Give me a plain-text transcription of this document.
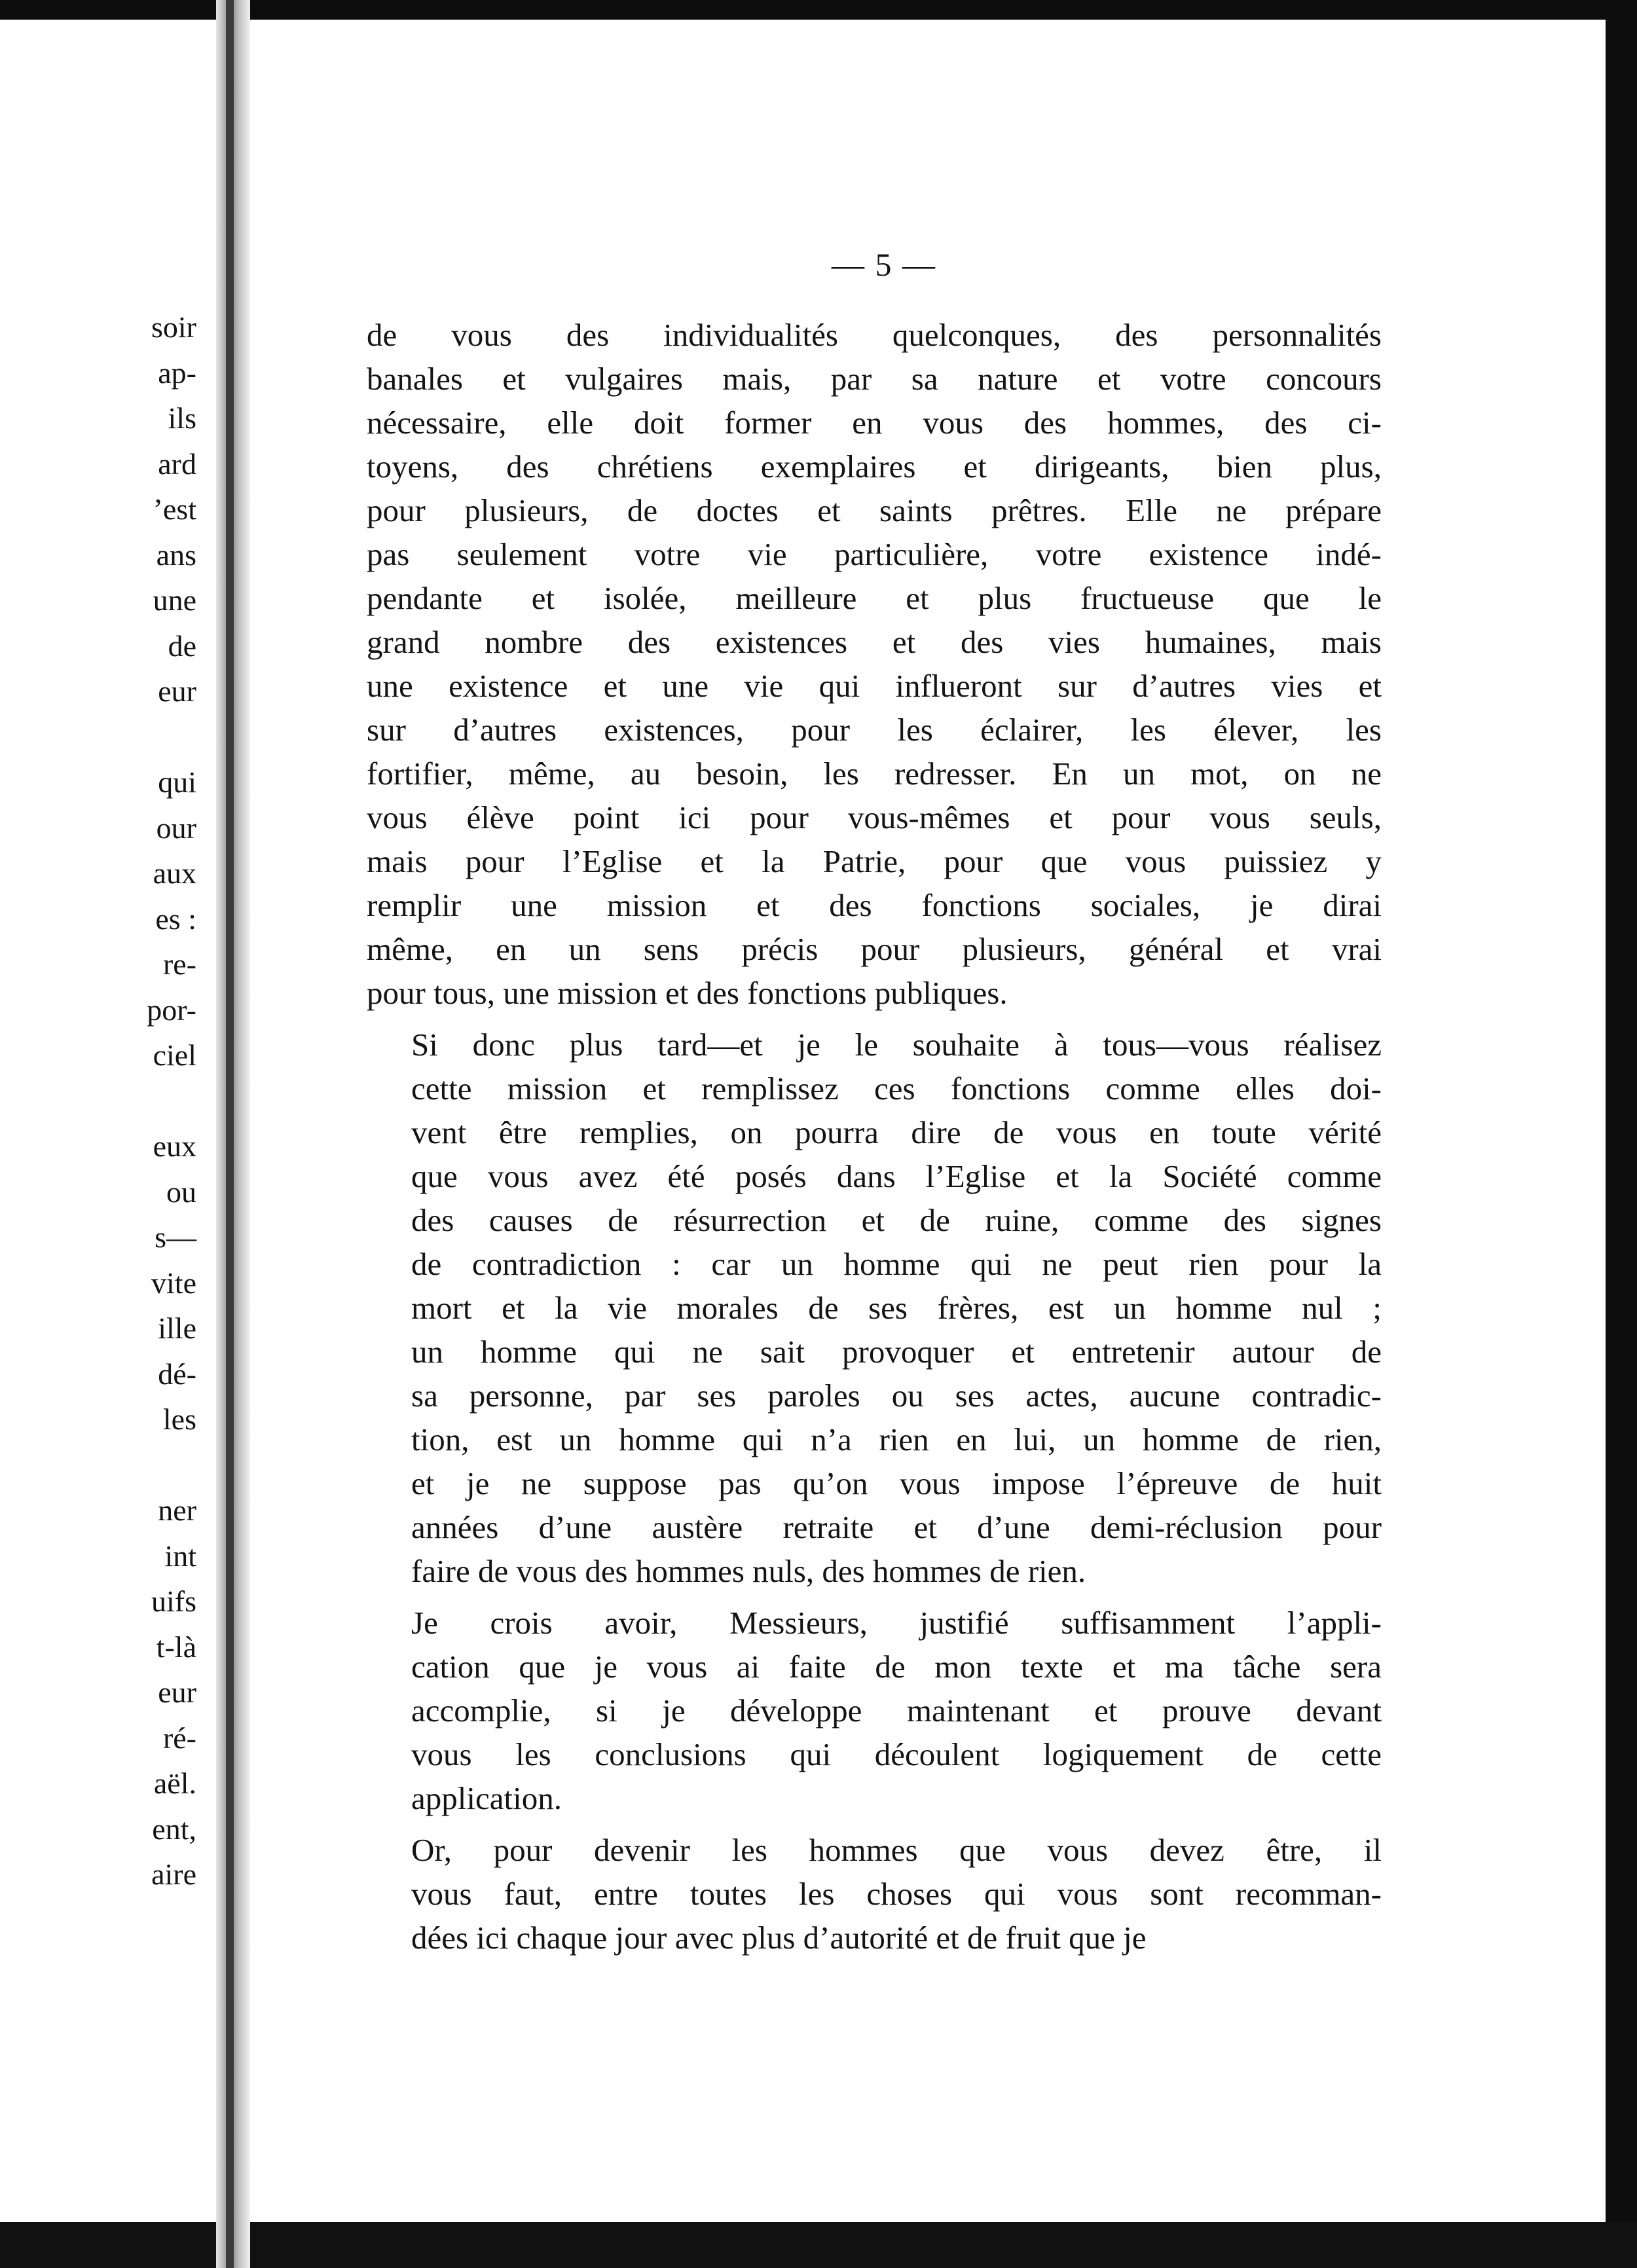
soir
ap-
ils
ard
’est
ans
une
de
eur

qui
our
aux
es :
re-
por-
ciel

eux
ou
s—
vite
ille
dé-
les

ner
int
uifs
t-là
eur
ré-
aël.
ent,
aire
— 5 —
de vous des individualités quelconques, des personnalités
banales et vulgaires mais, par sa nature et votre concours
nécessaire, elle doit former en vous des hommes, des ci-
toyens, des chrétiens exemplaires et dirigeants, bien plus,
pour plusieurs, de doctes et saints prêtres. Elle ne prépare
pas seulement votre vie particulière, votre existence indé-
pendante et isolée, meilleure et plus fructueuse que le
grand nombre des existences et des vies humaines, mais
une existence et une vie qui influeront sur d’autres vies et
sur d’autres existences, pour les éclairer, les élever, les
fortifier, même, au besoin, les redresser. En un mot, on ne
vous élève point ici pour vous-mêmes et pour vous seuls,
mais pour l’Eglise et la Patrie, pour que vous puissiez y
remplir une mission et des fonctions sociales, je dirai
même, en un sens précis pour plusieurs, général et vrai
pour tous, une mission et des fonctions publiques.
Si donc plus tard—et je le souhaite à tous—vous réalisez
cette mission et remplissez ces fonctions comme elles doi-
vent être remplies, on pourra dire de vous en toute vérité
que vous avez été posés dans l’Eglise et la Société comme
des causes de résurrection et de ruine, comme des signes
de contradiction : car un homme qui ne peut rien pour la
mort et la vie morales de ses frères, est un homme nul ;
un homme qui ne sait provoquer et entretenir autour de
sa personne, par ses paroles ou ses actes, aucune contradic-
tion, est un homme qui n’a rien en lui, un homme de rien,
et je ne suppose pas qu’on vous impose l’épreuve de huit
années d’une austère retraite et d’une demi-réclusion pour
faire de vous des hommes nuls, des hommes de rien.
Je crois avoir, Messieurs, justifié suffisamment l’appli-
cation que je vous ai faite de mon texte et ma tâche sera
accomplie, si je développe maintenant et prouve devant
vous les conclusions qui découlent logiquement de cette
application.
Or, pour devenir les hommes que vous devez être, il
vous faut, entre toutes les choses qui vous sont recomman-
dées ici chaque jour avec plus d’autorité et de fruit que je
